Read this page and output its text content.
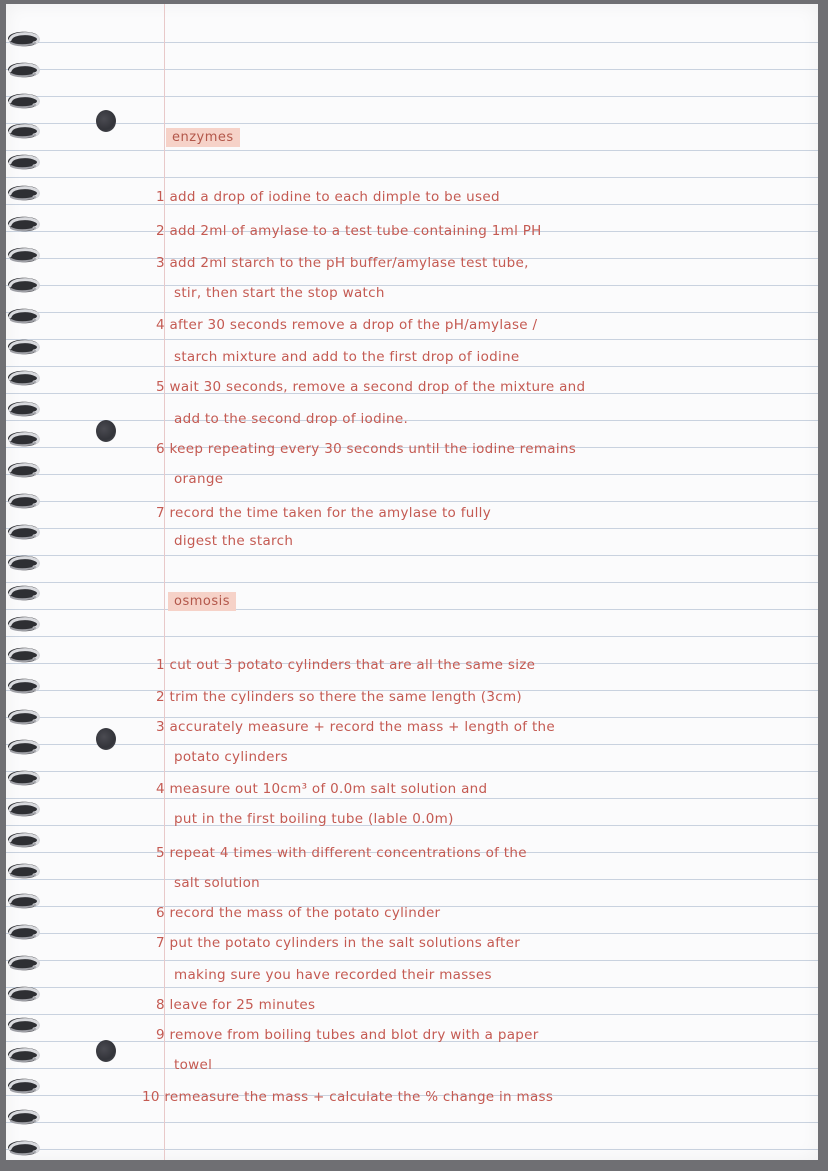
enzymes
1 add a drop of iodine to each dimple to be used
2 add 2ml of amylase to a test tube containing 1ml PH
3 add 2ml starch to the pH buffer/amylase test tube,
stir, then start the stop watch
4 after 30 seconds remove a drop of the pH/amylase /
starch mixture and add to the first drop of iodine
5 wait 30 seconds, remove a second drop of the mixture and
add to the second drop of iodine.
6 keep repeating every 30 seconds until the iodine remains
orange
7 record the time taken for the amylase to fully
digest the starch
osmosis
1 cut out 3 potato cylinders that are all the same size
2 trim the cylinders so there the same length (3cm)
3 accurately measure + record the mass + length of the
potato cylinders
4 measure out 10cm³ of 0.0m salt solution and
put in the first boiling tube (lable 0.0m)
5 repeat 4 times with different concentrations of the
salt solution
6 record the mass of the potato cylinder
7 put the potato cylinders in the salt solutions after
making sure you have recorded their masses
8 leave for 25 minutes
9 remove from boiling tubes and blot dry with a paper
towel
10 remeasure the mass + calculate the % change in mass
